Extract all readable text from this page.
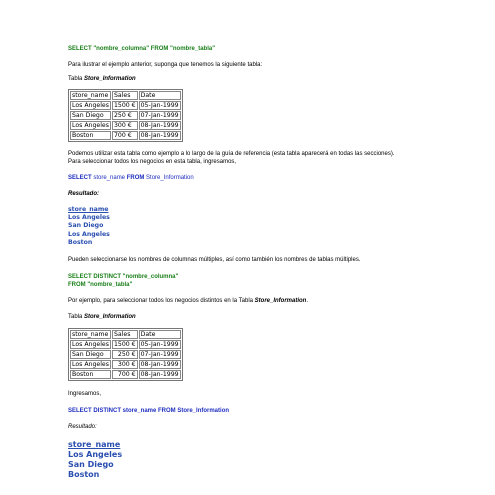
SELECT "nombre_columna" FROM "nombre_tabla"
Para ilustrar el ejemplo anterior, suponga que tenemos la siguiente tabla:
Tabla Store_Information
store_name	Sales	Date
Los Angeles	1500 €	05-Jan-1999
San Diego	250 €	07-Jan-1999
Los Angeles	300 €	08-Jan-1999
Boston	700 €	08-Jan-1999
Podemos utilizar esta tabla como ejemplo a lo largo de la guía de referencia (esta tabla aparecerá en todas las secciones).
Para seleccionar todos los negocios en esta tabla, ingresamos,
SELECT store_name FROM Store_Information
Resultado:
store_name
Los Angeles
San Diego
Los Angeles
Boston
Pueden seleccionarse los nombres de columnas múltiples, así como también los nombres de tablas múltiples.
SELECT DISTINCT "nombre_columna"
FROM "nombre_tabla"
Por ejemplo, para seleccionar todos los negocios distintos en la Tabla Store_Information.
Tabla Store_Information
store_name	Sales	Date
Los Angeles	1500 €	05-Jan-1999
San Diego	250 €	07-Jan-1999
Los Angeles	300 €	08-Jan-1999
Boston	700 €	08-Jan-1999
Ingresamos,
SELECT DISTINCT store_name FROM Store_Information
Resultado:
store_name
Los Angeles
San Diego
Boston
